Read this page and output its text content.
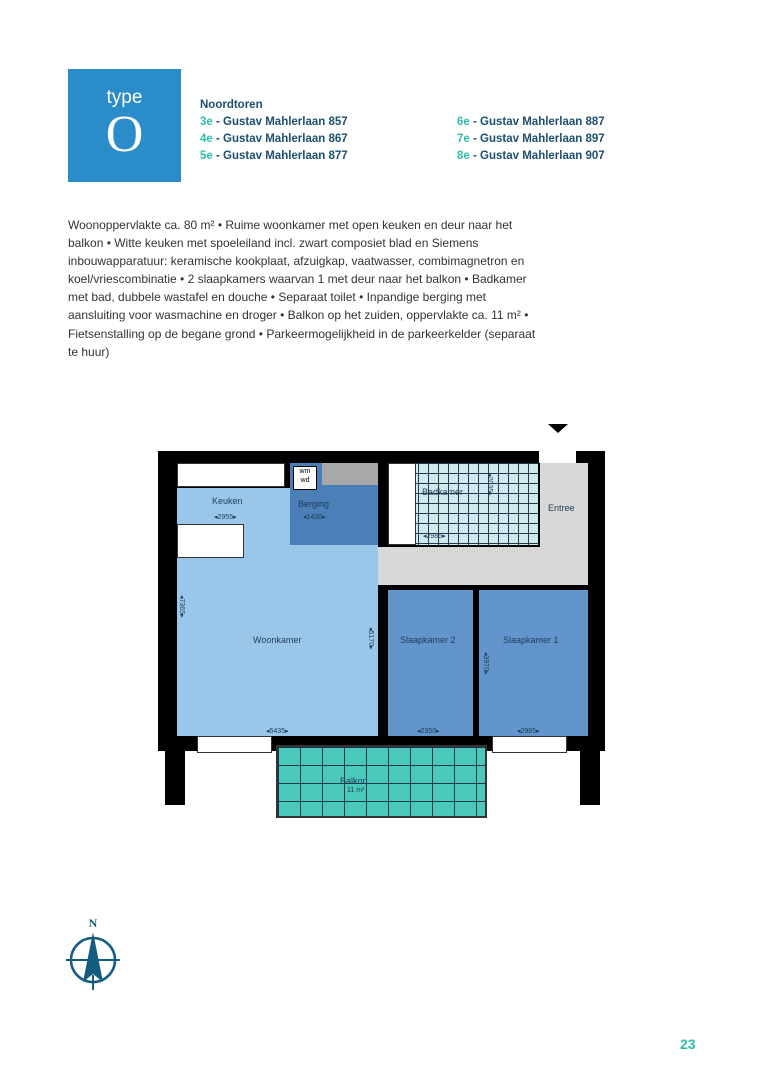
type
O
Noordtoren
3e - Gustav Mahlerlaan 857
4e - Gustav Mahlerlaan 867
5e - Gustav Mahlerlaan 877
6e - Gustav Mahlerlaan 887
7e - Gustav Mahlerlaan 897
8e - Gustav Mahlerlaan 907
Woonoppervlakte ca. 80 m² • Ruime woonkamer met open keuken en deur naar het balkon • Witte keuken met spoeleiland incl. zwart composiet blad en Siemens inbouwapparatuur: keramische kookplaat, afzuigkap, vaatwasser, combimagnetron en koel/vriescombinatie • 2 slaapkamers waarvan 1 met deur naar het balkon • Badkamer met bad, dubbele wastafel en douche • Separaat toilet • Inpandige berging met aansluiting voor wasmachine en droger • Balkon op het zuiden, oppervlakte ca. 11 m² • Fietsenstalling op de begane grond • Parkeermogelijkheid in de parkeerkelder (separaat te huur)
wm
wd
Keuken
◂2955▸
Berging
◂1430▸
Badkamer
◂2985▸
◂2035▸
Entree
Woonkamer
◂7365▸
◂5170▸
◂5435▸
Slaapkamer 2
◂2350▸
Slaapkamer 1
◂2985▸
◂3970▸
Balkon
11 m²
N
23
